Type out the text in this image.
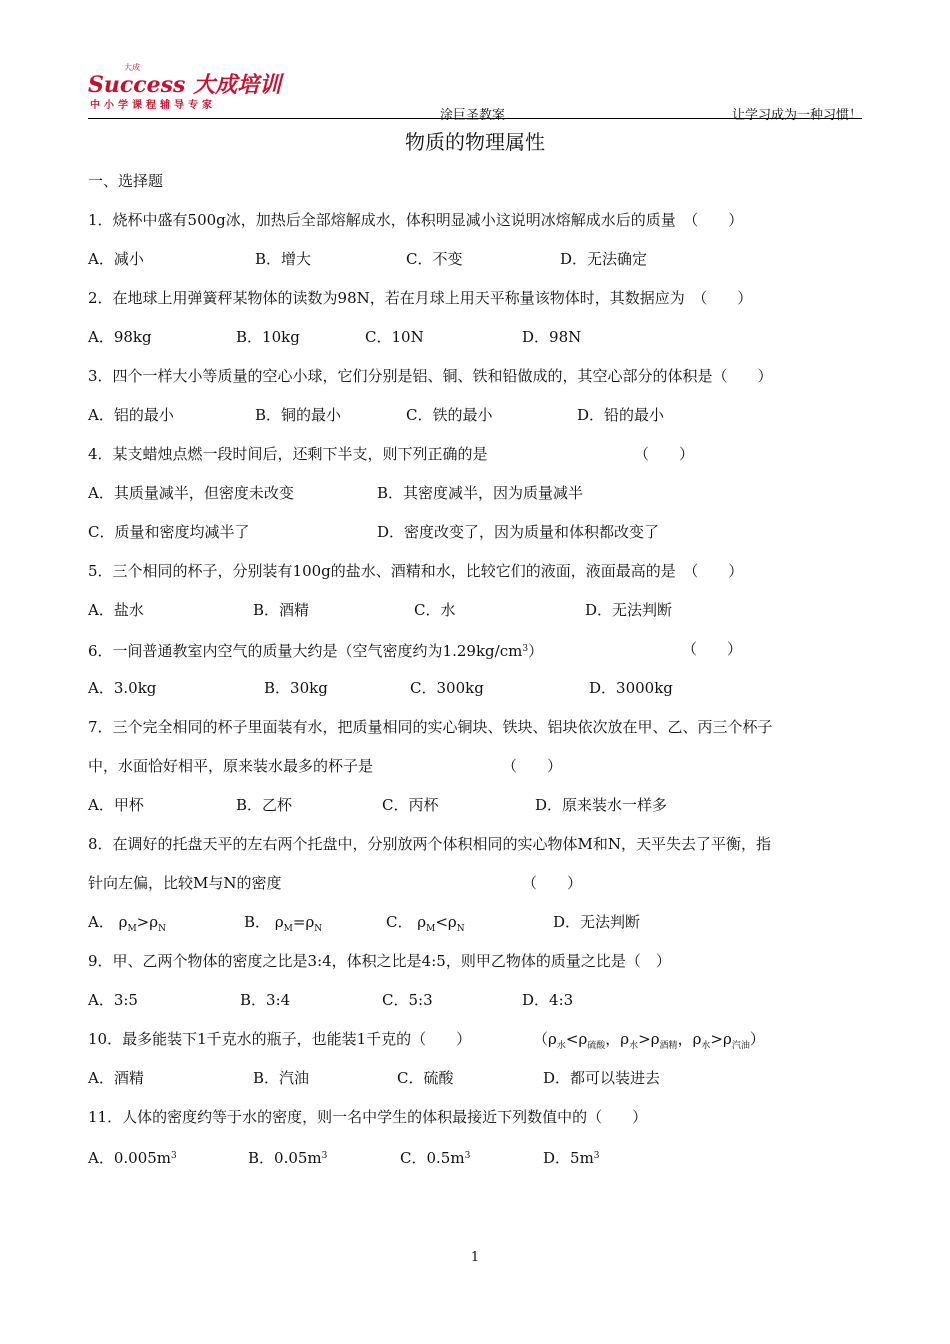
大成
Success 大成培训
中小学课程辅导专家
涂巨圣教案	让学习成为一种习惯！
物质的物理属性
一、选择题
1．烧杯中盛有500g冰，加热后全部熔解成水，体积明显减小这说明冰熔解成水后的质量　（　　）
A．减小	B．增大	C．不变	D．无法确定
2．在地球上用弹簧秤某物体的读数为98N，若在月球上用天平称量该物体时，其数据应为　（　　）
A．98kg	B．10kg	C．10N	D．98N
3．四个一样大小等质量的空心小球，它们分别是铝、铜、铁和铅做成的，其空心部分的体积是（　　）
A．铝的最小	B．铜的最小	C．铁的最小	D．铅的最小
4．某支蜡烛点燃一段时间后，还剩下半支，则下列正确的是	（　　）
A．其质量减半，但密度未改变	B．其密度减半，因为质量减半
C．质量和密度均减半了	D．密度改变了，因为质量和体积都改变了
5．三个相同的杯子，分别装有100g的盐水、酒精和水，比较它们的液面，液面最高的是　（　　）
A．盐水	B．酒精	C．水	D．无法判断
6．一间普通教室内空气的质量大约是（空气密度约为$1.29kg/cm^3$）	（　　）
A．3.0kg	B．30kg	C．300kg	D．3000kg
7．三个完全相同的杯子里面装有水，把质量相同的实心铜块、铁块、铝块依次放在甲、乙、丙三个杯子
中，水面恰好相平，原来装水最多的杯子是	（　　）
A．甲杯	B．乙杯	C．丙杯	D．原来装水一样多
8．在调好的托盘天平的左右两个托盘中，分别放两个体积相同的实心物体M和N，天平失去了平衡，指
针向左偏，比较M与N的密度	（　　）
A． $\rho_M>\rho_N$	B． $\rho_M=\rho_N$	C． $\rho_M<\rho_N$	D．无法判断
9．甲、乙两个物体的密度之比是3:4，体积之比是4:5，则甲乙物体的质量之比是（　）
A．3:5	B．3:4	C．5:3	D．4:3
10．最多能装下1千克水的瓶子，也能装1千克的（　　）	（$\rho_水<\rho_{硫酸}$，$\rho_水>\rho_{酒精}$，$\rho_水>\rho_{汽油}$）
A．酒精	B．汽油	C．硫酸	D．都可以装进去
11．人体的密度约等于水的密度，则一名中学生的体积最接近下列数值中的（　　）
A．$0.005m^3$	B．$0.05m^3$	C．$0.5m^3$	D．$5m^3$
1
